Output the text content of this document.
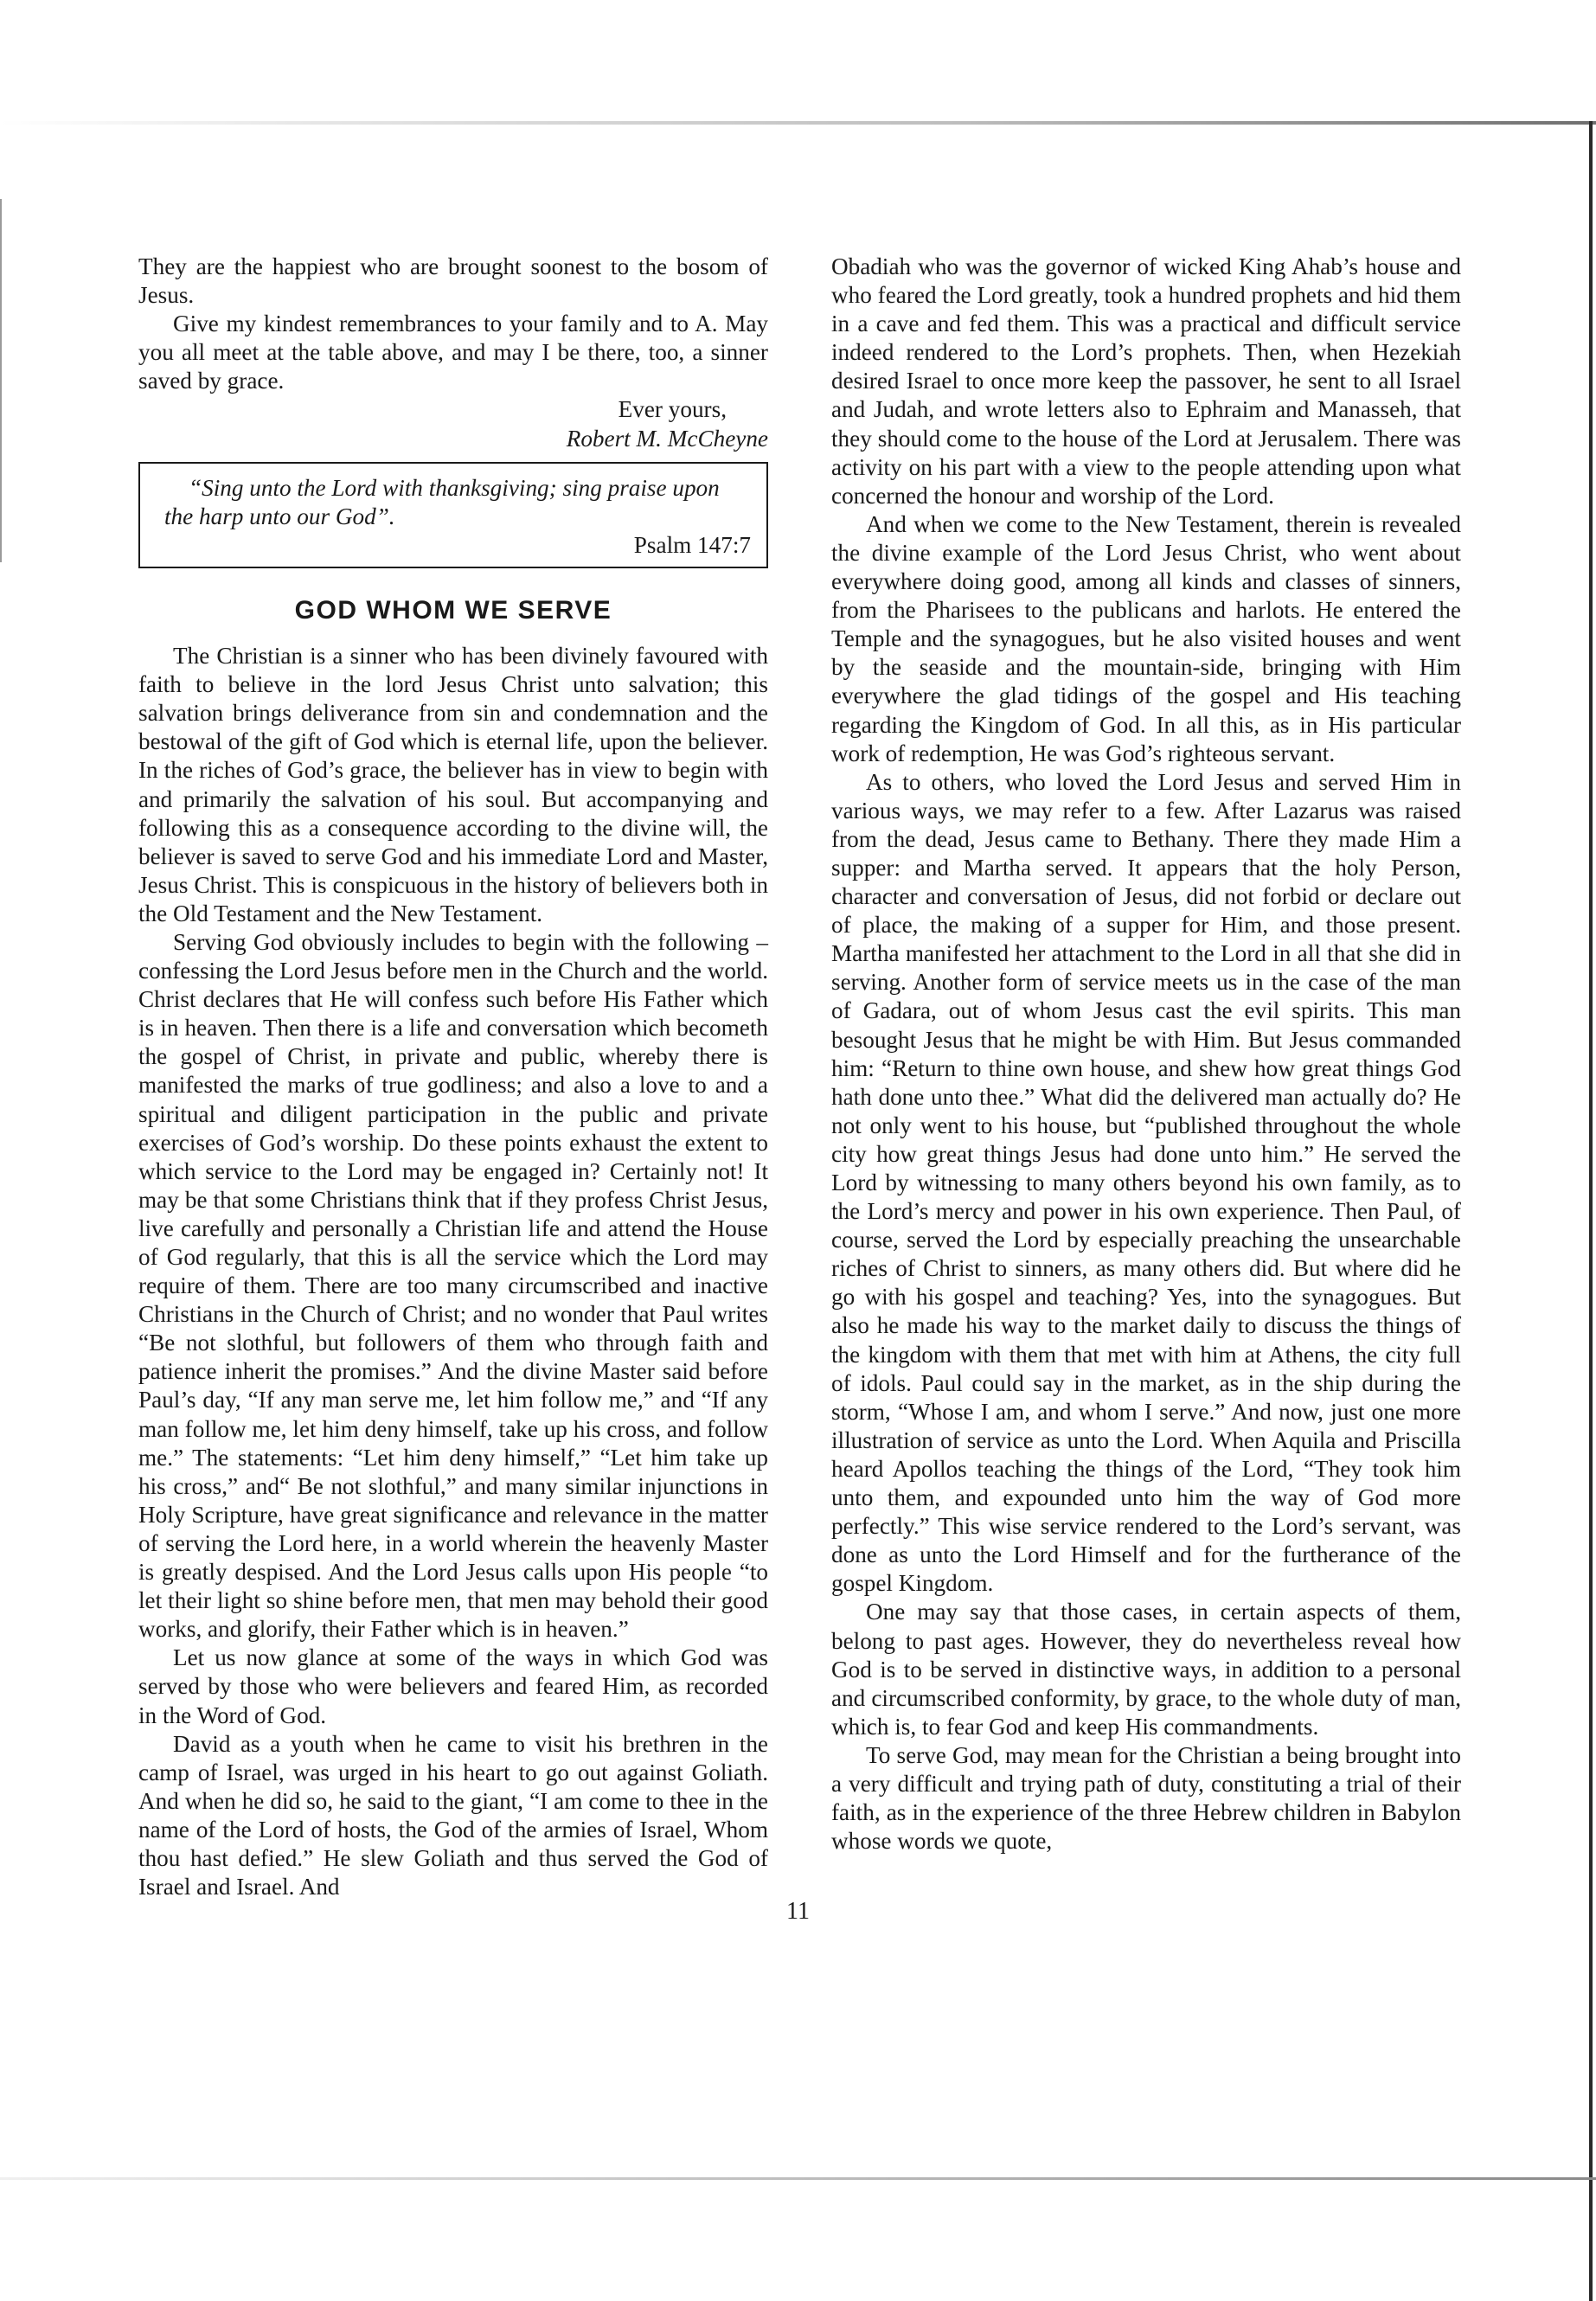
They are the happiest who are brought soonest to the bosom of Jesus.

Give my kindest remembrances to your family and to A. May you all meet at the table above, and may I be there, too, a sinner saved by grace.

Ever yours,

Robert M. McCheyne

“Sing unto the Lord with thanksgiving; sing praise upon the harp unto our God”.

Psalm 147:7

GOD WHOM WE SERVE

The Christian is a sinner who has been divinely favoured with faith to believe in the lord Jesus Christ unto salvation; this salvation brings deliverance from sin and condemnation and the bestowal of the gift of God which is eternal life, upon the believer. In the riches of God’s grace, the believer has in view to begin with and primarily the salvation of his soul. But accompanying and following this as a consequence according to the divine will, the believer is saved to serve God and his immediate Lord and Master, Jesus Christ. This is conspicuous in the history of believers both in the Old Testament and the New Testament.

Serving God obviously includes to begin with the following – confessing the Lord Jesus before men in the Church and the world. Christ declares that He will confess such before His Father which is in heaven. Then there is a life and conversation which becometh the gospel of Christ, in private and public, whereby there is manifested the marks of true godliness; and also a love to and a spiritual and diligent participation in the public and private exercises of God’s worship. Do these points exhaust the extent to which service to the Lord may be engaged in? Certainly not! It may be that some Christians think that if they profess Christ Jesus, live carefully and personally a Christian life and attend the House of God regularly, that this is all the service which the Lord may require of them. There are too many circumscribed and inactive Christians in the Church of Christ; and no wonder that Paul writes “Be not slothful, but followers of them who through faith and patience inherit the promises.” And the divine Master said before Paul’s day, “If any man serve me, let him follow me,” and “If any man follow me, let him deny himself, take up his cross, and follow me.” The statements: “Let him deny himself,” “Let him take up his cross,” and“ Be not slothful,” and many similar injunctions in Holy Scripture, have great significance and relevance in the matter of serving the Lord here, in a world wherein the heavenly Master is greatly despised. And the Lord Jesus calls upon His people “to let their light so shine before men, that men may behold their good works, and glorify, their Father which is in heaven.”

Let us now glance at some of the ways in which God was served by those who were believers and feared Him, as recorded in the Word of God.

David as a youth when he came to visit his brethren in the camp of Israel, was urged in his heart to go out against Goliath. And when he did so, he said to the giant, “I am come to thee in the name of the Lord of hosts, the God of the armies of Israel, Whom thou hast defied.” He slew Goliath and thus served the God of Israel and Israel. And

Obadiah who was the governor of wicked King Ahab’s house and who feared the Lord greatly, took a hundred prophets and hid them in a cave and fed them. This was a practical and difficult service indeed rendered to the Lord’s prophets. Then, when Hezekiah desired Israel to once more keep the passover, he sent to all Israel and Judah, and wrote letters also to Ephraim and Manasseh, that they should come to the house of the Lord at Jerusalem. There was activity on his part with a view to the people attending upon what concerned the honour and worship of the Lord.

And when we come to the New Testament, therein is revealed the divine example of the Lord Jesus Christ, who went about everywhere doing good, among all kinds and classes of sinners, from the Pharisees to the publicans and harlots. He entered the Temple and the synagogues, but he also visited houses and went by the seaside and the mountain-side, bringing with Him everywhere the glad tidings of the gospel and His teaching regarding the Kingdom of God. In all this, as in His particular work of redemption, He was God’s righteous servant.

As to others, who loved the Lord Jesus and served Him in various ways, we may refer to a few. After Lazarus was raised from the dead, Jesus came to Bethany. There they made Him a supper: and Martha served. It appears that the holy Person, character and conversation of Jesus, did not forbid or declare out of place, the making of a supper for Him, and those present. Martha manifested her attachment to the Lord in all that she did in serving. Another form of service meets us in the case of the man of Gadara, out of whom Jesus cast the evil spirits. This man besought Jesus that he might be with Him. But Jesus commanded him: “Return to thine own house, and shew how great things God hath done unto thee.” What did the delivered man actually do? He not only went to his house, but “published throughout the whole city how great things Jesus had done unto him.” He served the Lord by witnessing to many others beyond his own family, as to the Lord’s mercy and power in his own experience. Then Paul, of course, served the Lord by especially preaching the unsearchable riches of Christ to sinners, as many others did. But where did he go with his gospel and teaching? Yes, into the synagogues. But also he made his way to the market daily to discuss the things of the kingdom with them that met with him at Athens, the city full of idols. Paul could say in the market, as in the ship during the storm, “Whose I am, and whom I serve.” And now, just one more illustration of service as unto the Lord. When Aquila and Priscilla heard Apollos teaching the things of the Lord, “They took him unto them, and expounded unto him the way of God more perfectly.” This wise service rendered to the Lord’s servant, was done as unto the Lord Himself and for the furtherance of the gospel Kingdom.

One may say that those cases, in certain aspects of them, belong to past ages. However, they do nevertheless reveal how God is to be served in distinctive ways, in addition to a personal and circumscribed conformity, by grace, to the whole duty of man, which is, to fear God and keep His commandments.

To serve God, may mean for the Christian a being brought into a very difficult and trying path of duty, constituting a trial of their faith, as in the experience of the three Hebrew children in Babylon whose words we quote,

11
